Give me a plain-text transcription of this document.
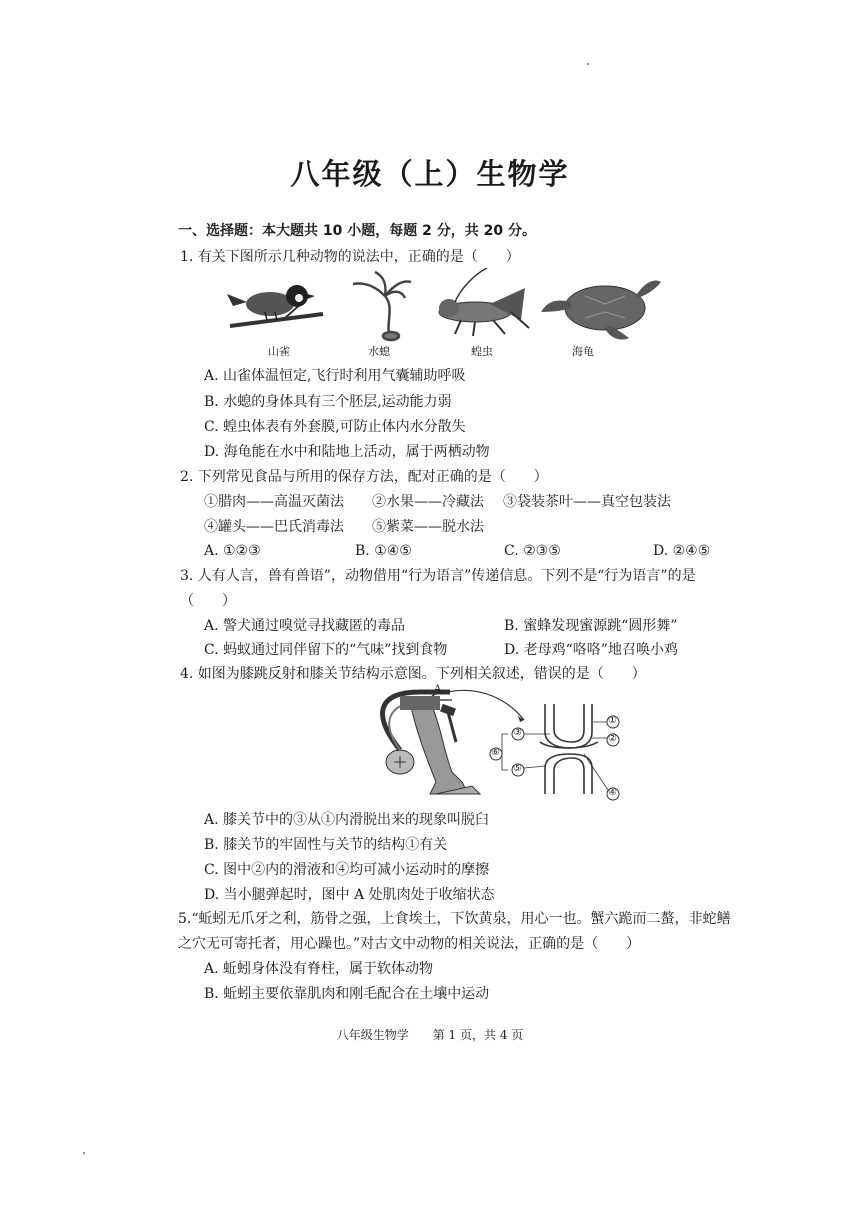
八年级（上）生物学
一、选择题：本大题共 10 小题，每题 2 分，共 20 分。
1. 有关下图所示几种动物的说法中，正确的是（　　）
山雀	水螅	蝗虫	海龟
A. 山雀体温恒定,飞行时利用气囊辅助呼吸
B. 水螅的身体具有三个胚层,运动能力弱
C. 蝗虫体表有外套膜,可防止体内水分散失
D. 海龟能在水中和陆地上活动，属于两栖动物
2. 下列常见食品与所用的保存方法，配对正确的是（　　）
①腊肉——高温灭菌法 ②水果——冷藏法 ③袋装茶叶——真空包装法
④罐头——巴氏消毒法 ⑤紫菜——脱水法
A. ①②③	B. ①④⑤	C. ②③⑤	D. ②④⑤
3. 人有人言，兽有兽语”，动物借用“行为语言”传递信息。下列不是“行为语言”的是
（　　）
A. 警犬通过嗅觉寻找藏匿的毒品	B. 蜜蜂发现蜜源跳“圆形舞”
C. 蚂蚁通过同伴留下的“气味”找到食物	D. 老母鸡“咯咯”地召唤小鸡
4. 如图为膝跳反射和膝关节结构示意图。下列相关叙述，错误的是（　　）
A
①
②
③
④
⑤
⑥
A. 膝关节中的③从①内滑脱出来的现象叫脱臼
B. 膝关节的牢固性与关节的结构①有关
C. 图中②内的滑液和④均可减小运动时的摩擦
D. 当小腿弹起时，图中 A 处肌肉处于收缩状态
5.“蚯蚓无爪牙之利，筋骨之强，上食埃土，下饮黄泉，用心一也。蟹六跪而二螯，非蛇鳝
之穴无可寄托者，用心躁也。”对古文中动物的相关说法，正确的是（　　）
A. 蚯蚓身体没有脊柱，属于软体动物
B. 蚯蚓主要依靠肌肉和刚毛配合在土壤中运动
八年级生物学　　第 1 页，共 4 页
